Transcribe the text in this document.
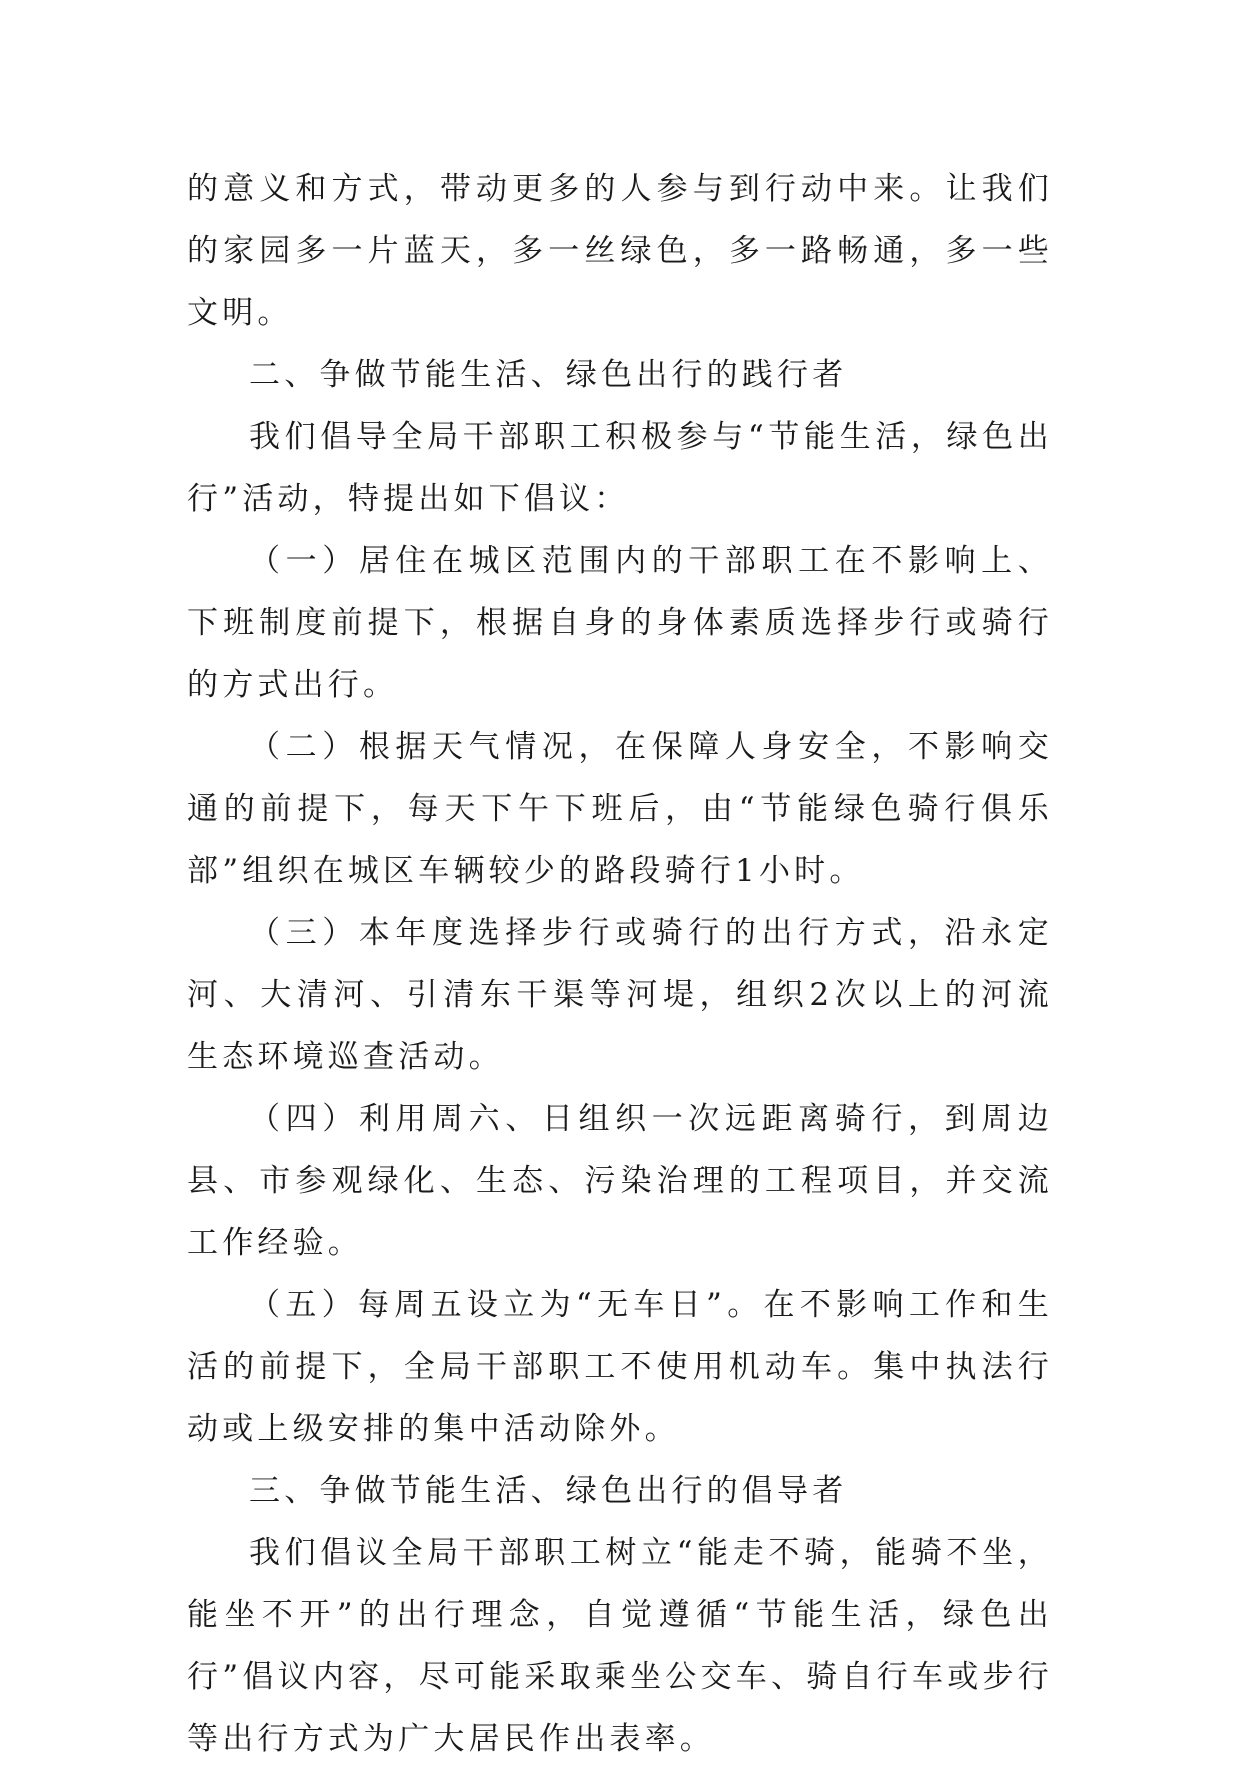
的意义和方式，带动更多的人参与到行动中来。让我们的家园多一片蓝天，多一丝绿色，多一路畅通，多一些文明。

二、争做节能生活、绿色出行的践行者

我们倡导全局干部职工积极参与“节能生活，绿色出行”活动，特提出如下倡议：

（一）居住在城区范围内的干部职工在不影响上、下班制度前提下，根据自身的身体素质选择步行或骑行的方式出行。

（二）根据天气情况，在保障人身安全，不影响交通的前提下，每天下午下班后，由“节能绿色骑行俱乐部”组织在城区车辆较少的路段骑行1小时。

（三）本年度选择步行或骑行的出行方式，沿永定河、大清河、引清东干渠等河堤，组织2次以上的河流生态环境巡查活动。

（四）利用周六、日组织一次远距离骑行，到周边县、市参观绿化、生态、污染治理的工程项目，并交流工作经验。

（五）每周五设立为“无车日”。在不影响工作和生活的前提下，全局干部职工不使用机动车。集中执法行动或上级安排的集中活动除外。

三、争做节能生活、绿色出行的倡导者

我们倡议全局干部职工树立“能走不骑，能骑不坐，能坐不开”的出行理念，自觉遵循“节能生活，绿色出行”倡议内容，尽可能采取乘坐公交车、骑自行车或步行等出行方式为广大居民作出表率。
